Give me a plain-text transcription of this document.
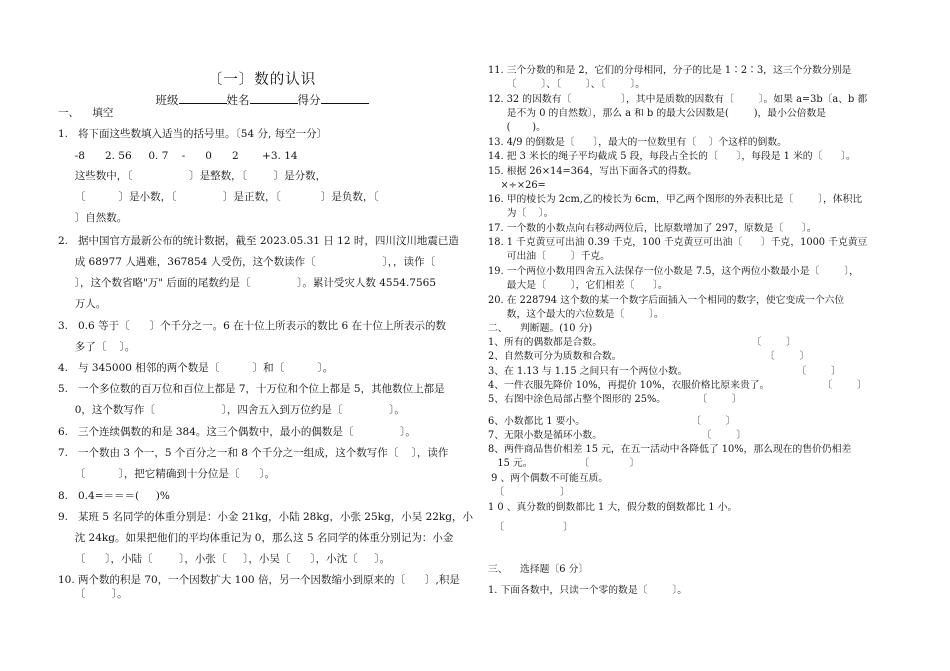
〔一〕数的认识
班级	姓名	得分
一、    填空
1.   将下面这些数填入适当的括号里。〔54 分, 每空一分〕
-8      2. 56     0. 7    -      0      2       +3. 14
这些数中，〔                 〕是整数，〔        〕是分数，
〔          〕是小数，〔              〕是正数，〔            〕是负数，〔
〕自然数。
2.   据中国官方最新公布的统计数据，截至 2023.05.31 日 12 时，四川汶川地震已造
成 68977 人遇难，367854 人受伤，这个数读作〔                    〕，，读作〔
〕，这个数省略"万" 后面的尾数约是〔              〕。累计受灾人数 4554.7565
万人。
3.   0.6 等于〔      〕个千分之一。6 在十位上所表示的数比 6 在十位上所表示的数
多了〔    〕。
4.   与 345000 相邻的两个数是〔          〕和〔          〕。
5.   一个多位数的百万位和百位上都是 7，十万位和个位上都是 5，其他数位上都是
0，这个数写作〔                    〕，四舍五入到万位约是〔              〕。
6.   三个连续偶数的和是 384。这三个偶数中，最小的偶数是〔              〕。
7.   一个数由 3 个一，5 个百分之一和 8 个千分之一组成，这个数写作〔    〕，读作
〔          〕，把它精确到十分位是〔      〕。
8.   0.4=＝＝＝(     )%
9.   某班 5 名同学的体重分别是：小金 21kg，小陆 28kg，小张 25kg，小吴 22kg，小
沈 24kg。如果把他们的平均体重记为 0，那么这 5 名同学的体重分别记为：小金
〔      〕，小陆〔        〕，小张〔     〕，小吴〔      〕，小沈〔     〕。
10. 两个数的积是 70，一个因数扩大 100 倍，另一个因数缩小到原来的〔      〕,积是
〔        〕。
11. 三个分数的和是 2，它们的分母相同，分子的比是 1∶2∶3，这三个分数分别是
〔        〕、〔        〕、〔        〕。
12. 32 的因数有〔                〕，其中是质数的因数有〔        〕。如果 a=3b〔a、b 都
是不为 0 的自然数〕，那么 a 和 b 的最大公因数是(        )，最小公倍数是
(       )。
13. 4/9 的倒数是〔      〕，最大的一位数里有〔    〕个这样的倒数。
14. 把 3 米长的绳子平均截成 5 段，每段占全长的〔      〕，每段是 1 米的〔      〕。
15. 根据 26×14=364，写出下面各式的得数。
×÷×26=
16. 甲的棱长为 2cm,乙的棱长为 6cm，甲乙两个图形的外表积比是〔        〕，体积比
为〔    〕。
17. 一个数的小数点向右移动两位后，比原数增加了 297，原数是〔      〕。
18. 1 千克黄豆可出油 0.39 千克，100 千克黄豆可出油〔      〕千克，1000 千克黄豆
可出油〔        〕千克。
19. 一个两位小数用四舍五入法保存一位小数是 7.5，这个两位小数最小是〔        〕，
最大是〔        〕，它们相差〔      〕。
20. 在 228794 这个数的某一个数字后面插入一个相同的数字，使它变成一个六位
数，这个最大的六位数是〔        〕。
二、    判断题。(10 分)
1、所有的偶数都是合数。                                                〔        〕
2、自然数可分为质数和合数。                                              〔        〕
3、在 1.13 与 1.15 之间只有一个两位小数。                                   〔        〕
4、一件衣服先降价 10%，再提价 10%，衣服价格比原来贵了。                 〔        〕
5、右图中涂色局部占整个图形的 25%。          〔        〕
6、小数都比 1 要小。                                  〔        〕
7、无限小数是循环小数。                                〔        〕
8、两件商品售价相差 15 元，在五一活动中各降低了 10%，那么现在的售价仍相差
15 元。               〔             〕
9 、两个偶数不可能互质。
〔                  〕
1 0 、真分数的倒数都比 1 大，假分数的倒数都比 1 小。
〔                   〕
三、    选择题〔6 分〕
1. 下面各数中，只读一个零的数是〔        〕。
